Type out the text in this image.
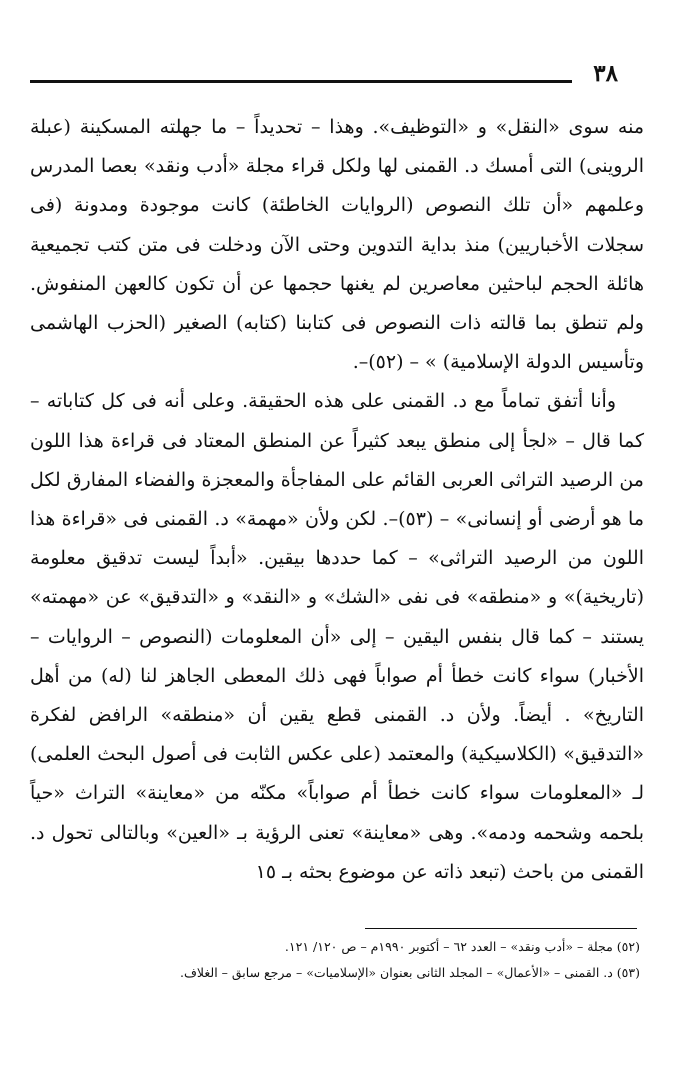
٣٨

منه سوى «النقل» و «التوظيف». وهذا – تحديداً – ما جهلته المسكينة (عبلة الروينى) التى أمسك د. القمنى لها ولكل قراء مجلة «أدب ونقد» بعصا المدرس وعلمهم «أن تلك النصوص (الروايات الخاطئة) كانت موجودة ومدونة (فى سجلات الأخباريين) منذ بداية التدوين وحتى الآن ودخلت فى متن كتب تجميعية هائلة الحجم لباحثين معاصرين لم يغنها حجمها عن أن تكون كالعهن المنفوش. ولم تنطق بما قالته ذات النصوص فى كتابنا (كتابه) الصغير (الحزب الهاشمى وتأسيس الدولة الإسلامية) » – (٥٢)–.

وأنا أتفق تماماً مع د. القمنى على هذه الحقيقة. وعلى أنه فى كل كتاباته – كما قال – «لجأ إلى منطق يبعد كثيراً عن المنطق المعتاد فى قراءة هذا اللون من الرصيد التراثى العربى القائم على المفاجأة والمعجزة والفضاء المفارق لكل ما هو أرضى أو إنسانى» – (٥٣)–. لكن ولأن «مهمة» د. القمنى فى «قراءة هذا اللون من الرصيد التراثى» – كما حددها بيقين. «أبداً ليست تدقيق معلومة (تاريخية)» و «منطقه» فى نفى «الشك» و «النقد» و «التدقيق» عن «مهمته» يستند – كما قال بنفس اليقين – إلى «أن المعلومات (النصوص – الروايات – الأخبار) سواء كانت خطأ أم صواباً فهى ذلك المعطى الجاهز لنا (له) من أهل التاريخ» . أيضاً. ولأن د. القمنى قطع يقين أن «منطقه» الرافض لفكرة «التدقيق» (الكلاسيكية) والمعتمد (على عكس الثابت فى أصول البحث العلمى) لـ «المعلومات سواء كانت خطأ أم صواباً» مكنّه من «معاينة» التراث «حياً بلحمه وشحمه ودمه». وهى «معاينة» تعنى الرؤية بـ «العين» وبالتالى تحول د. القمنى من باحث (تبعد ذاته عن موضوع بحثه بـ ١٥

(٥٢) مجلة – «أدب ونقد» – العدد ٦٢ – أكتوبر ١٩٩٠م – ص ١٢٠/ ١٢١.

(٥٣) د. القمنى – «الأعمال» – المجلد الثانى بعنوان «الإسلاميات» – مرجع سابق – الغلاف.
